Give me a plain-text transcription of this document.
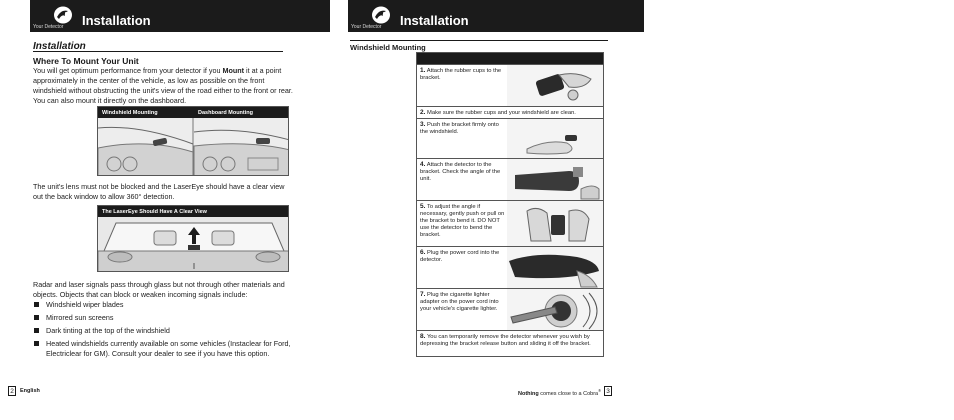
Your Detector Installation
Installation
Where To Mount Your Unit
You will get optimum performance from your detector if you Mount it at a point approximately in the center of the vehicle, as low as possible on the front windshield without obstructing the unit's view of the road either to the front or rear. You can also mount it directly on the dashboard.
Windshield Mounting	Dashboard Mounting
The unit's lens must not be blocked and the LaserEye should have a clear view out the back window to allow 360° detection.
The LaserEye Should Have A Clear View
Radar and laser signals pass through glass but not through other materials and objects. Objects that can block or weaken incoming signals include:
Windshield wiper blades
Mirrored sun screens
Dark tinting at the top of the windshield
Heated windshields currently available on some vehicles (Instaclear for Ford, Electriclear for GM). Consult your dealer to see if you have this option.
2	English
Your Detector Installation
Windshield Mounting
1. Attach the rubber cups to the bracket.
2. Make sure the rubber cups and your windshield are clean.
3. Push the bracket firmly onto the windshield.
4. Attach the detector to the bracket. Check the angle of the unit.
5. To adjust the angle if necessary, gently push or pull on the bracket to bend it. DO NOT use the detector to bend the bracket.
6. Plug the power cord into the detector.
7. Plug the cigarette lighter adapter on the power cord into your vehicle's cigarette lighter.
8. You can temporarily remove the detector whenever you wish by depressing the bracket release button and sliding it off the bracket.
Nothing comes close to a Cobra® 3
